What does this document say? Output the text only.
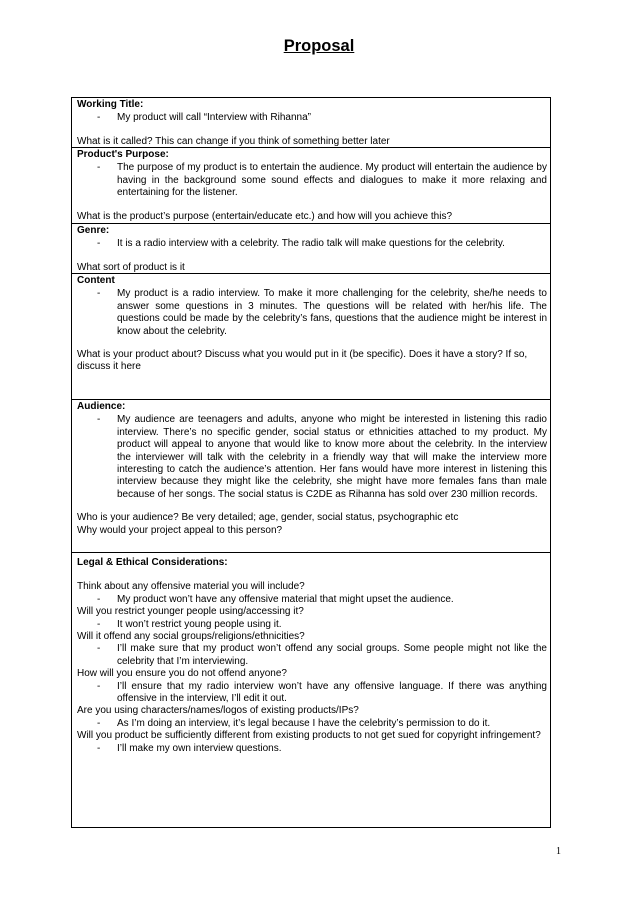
Proposal
Working Title:
-	My product will call “Interview with Rihanna”

What is it called? This can change if you think of something better later

Product's Purpose:
-	The purpose of my product is to entertain the audience. My product will entertain the audience by having in the background some sound effects and dialogues to make it more relaxing and entertaining for the listener.

What is the product’s purpose (entertain/educate etc.) and how will you achieve this?

Genre:
-	It is a radio interview with a celebrity. The radio talk will make questions for the celebrity.

What sort of product is it

Content
-	My product is a radio interview. To make it more challenging for the celebrity, she/he needs to answer some questions in 3 minutes. The questions will be related with her/his life. The questions could be made by the celebrity’s fans, questions that the audience might be interest in know about the celebrity.

What is your product about? Discuss what you would put in it (be specific). Does it have a story? If so, discuss it here

Audience:
-	My audience are teenagers and adults, anyone who might be interested in listening this radio interview. There’s no specific gender, social status or ethnicities attached to my product. My product will appeal to anyone that would like to know more about the celebrity. In the interview the interviewer will talk with the celebrity in a friendly way that will make the interview more interesting to catch the audience’s attention. Her fans would have more interest in listening this interview because they might like the celebrity, she might have more females fans than male because of her songs. The social status is C2DE as Rihanna has sold over 230 million records.

Who is your audience? Be very detailed; age, gender, social status, psychographic etc

Why would your project appeal to this person?

Legal & Ethical Considerations:

Think about any offensive material you will include?

-	My product won’t have any offensive material that might upset the audience.

Will you restrict younger people using/accessing it?

-	It won’t restrict young people using it.

Will it offend any social groups/religions/ethnicities?

-	I’ll make sure that my product won’t offend any social groups. Some people might not like the celebrity that I’m interviewing.

How will you ensure you do not offend anyone?

-	I’ll ensure that my radio interview won’t have any offensive language. If there was anything offensive in the interview, I’ll edit it out.

Are you using characters/names/logos of existing products/IPs?

-	As I’m doing an interview, it’s legal because I have the celebrity’s permission to do it.

Will you product be sufficiently different from existing products to not get sued for copyright infringement?

-	I’ll make my own interview questions.
1
